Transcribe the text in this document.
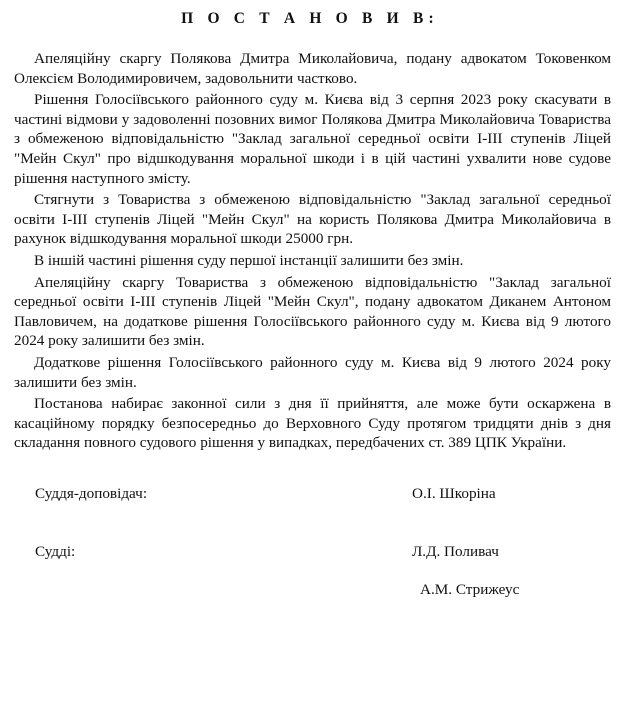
П О С Т А Н О В И В:

Апеляційну скаргу Полякова Дмитра Миколайовича, подану адвокатом Токовенком Олексієм Володимировичем, задовольнити частково.

Рішення Голосіївського районного суду м. Києва від 3 серпня 2023 року скасувати в частині відмови у задоволенні позовних вимог Полякова Дмитра Миколайовича Товариства з обмеженою відповідальністю "Заклад загальної середньої освіти І-ІІІ ступенів Ліцей "Мейн Скул" про відшкодування моральної шкоди і в цій частині ухвалити нове судове рішення наступного змісту.

Стягнути з Товариства з обмеженою відповідальністю "Заклад загальної середньої освіти І-ІІІ ступенів Ліцей "Мейн Скул" на користь Полякова Дмитра Миколайовича в рахунок відшкодування моральної шкоди 25000 грн.

В іншій частині рішення суду першої інстанції залишити без змін.

Апеляційну скаргу Товариства з обмеженою відповідальністю "Заклад загальної середньої освіти І-ІІІ ступенів Ліцей "Мейн Скул", подану адвокатом Диканем Антоном Павловичем, на додаткове рішення Голосіївського районного суду м. Києва від 9 лютого 2024 року залишити без змін.

Додаткове рішення Голосіївського районного суду м. Києва від 9 лютого 2024 року залишити без змін.

Постанова набирає законної сили з дня її прийняття, але може бути оскаржена в касаційному порядку безпосередньо до Верховного Суду протягом тридцяти днів з дня складання повного судового рішення у випадках, передбачених ст. 389 ЦПК України.

Суддя-доповідач:	О.І. Шкоріна
Судді:	Л.Д. Поливач
А.М. Стрижеус
